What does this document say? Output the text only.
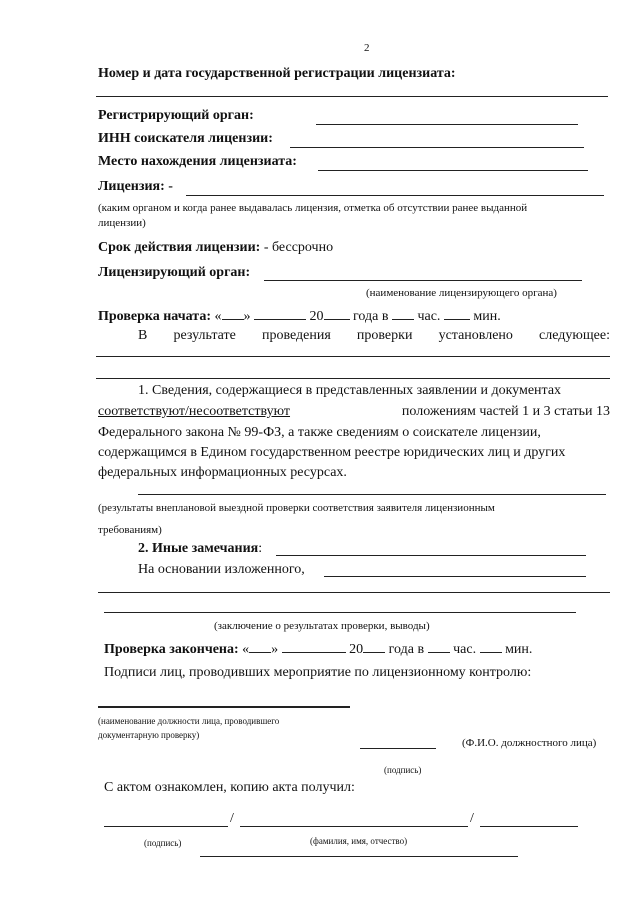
2
Номер и дата государственной регистрации лицензиата:
Регистрирующий орган:
ИНН соискателя лицензии:
Место нахождения лицензиата:
Лицензия: -
(каким органом и когда ранее выдавалась лицензия, отметка об отсутствии ранее выданной
лицензии)
Срок действия лицензии: - бессрочно
Лицензирующий орган:
(наименование лицензирующего органа)
Проверка начата: « »	20 года в час. мин.
В результате проведения проверки установлено следующее:
1. Сведения, содержащиеся в представленных заявлении и документах
соответствуют/несоответствуют	положениям частей 1 и 3 статьи 13
Федерального закона № 99-ФЗ, а также сведениям о соискателе лицензии,
содержащимся в Едином государственном реестре юридических лиц и других
федеральных информационных ресурсах.
(результаты внеплановой выездной проверки соответствия заявителя лицензионным
требованиям)
2. Иные замечания:
На основании изложенного,
(заключение о результатах проверки, выводы)
Проверка закончена: « »	20 года в час. мин.
Подписи лиц, проводивших мероприятие по лицензионному контролю:
(наименование должности лица, проводившего
документарную проверку)
(Ф.И.О. должностного лица)
(подпись)
С актом ознакомлен, копию акта получил:
/	/
(подпись)	(фамилия, имя, отчество)
